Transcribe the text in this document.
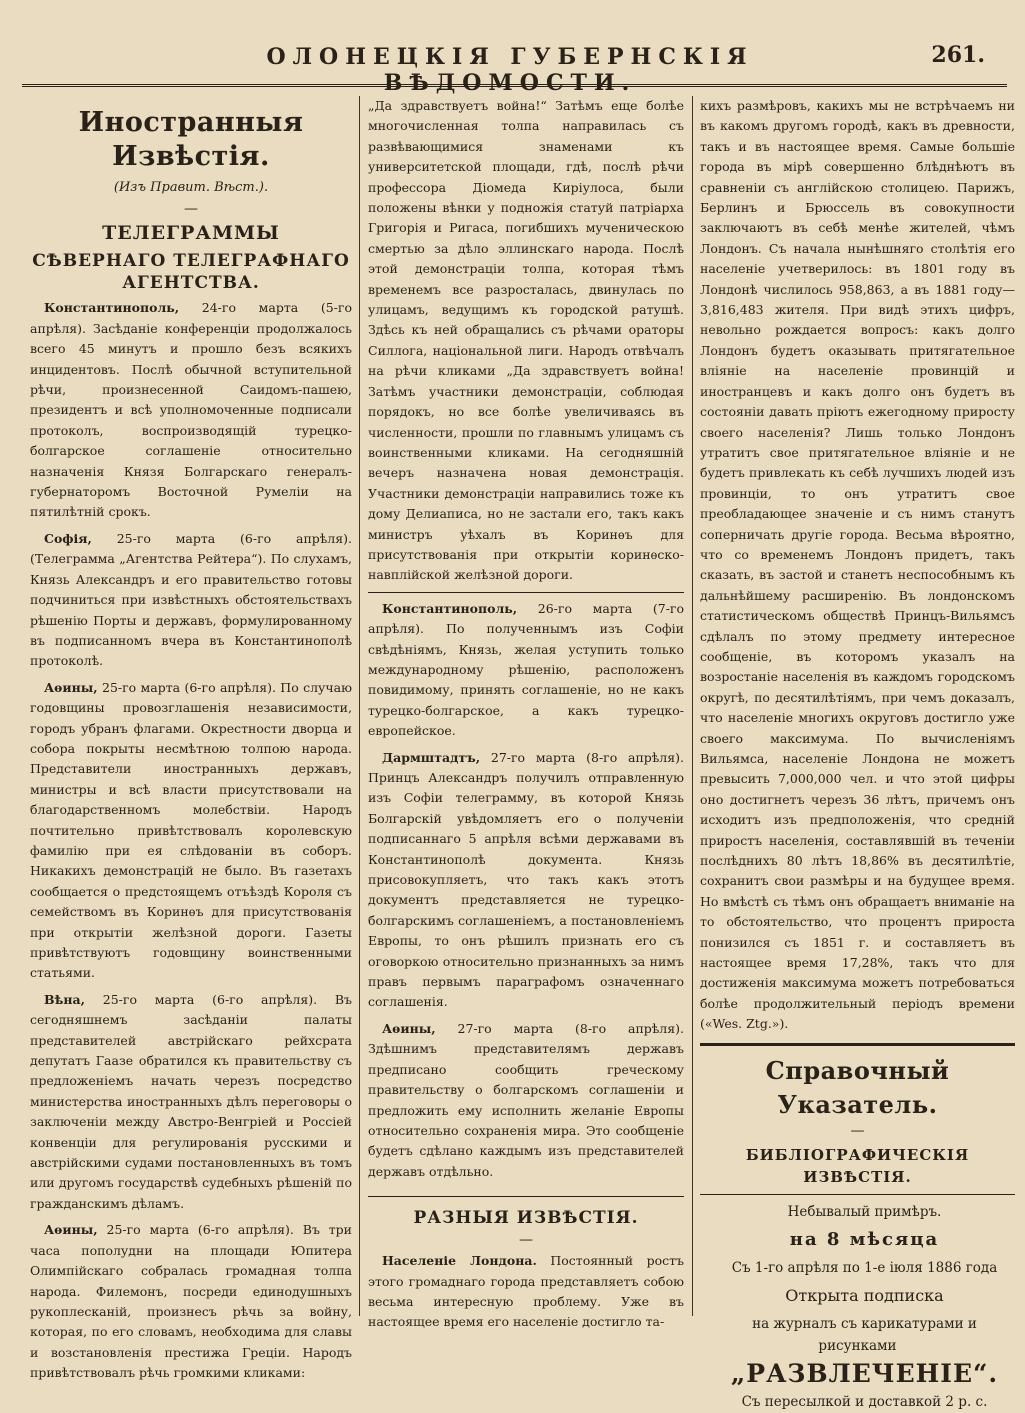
ОЛОНЕЦКІЯ ГУБЕРНСКІЯ ВѢДОМОСТИ.
261.
Иностранныя Извѣстія.
(Изъ Правит. Вѣст.).
—
ТЕЛЕГРАММЫ
СѢВЕРНАГО ТЕЛЕГРАФНАГО АГЕНТСТВА.

Константинополь, 24-го марта (5-го апрѣля). Засѣданіе конференціи продолжалось всего 45 минутъ и прошло безъ всякихъ инцидентовъ. Послѣ обычной вступительной рѣчи, произнесенной Саидомъ-пашею, президентъ и всѣ уполномоченные подписали протоколъ, воспроизводящій турецко-болгарское соглашеніе относительно назначенія Князя Болгарскаго генералъ-губернаторомъ Восточной Румеліи на пятилѣтній срокъ.

Софія, 25-го марта (6-го апрѣля). (Телеграмма „Агентства Рейтера“). По слухамъ, Князь Александръ и его правительство готовы подчиниться при извѣстныхъ обстоятельствахъ рѣшенію Порты и державъ, формулированному въ подписанномъ вчера въ Константинополѣ протоколѣ.

Аѳины, 25-го марта (6-го апрѣля). По случаю годовщины провозглашенія независимости, городъ убранъ флагами. Окрестности дворца и собора покрыты несмѣтною толпою народа. Представители иностранныхъ державъ, министры и всѣ власти присутствовали на благодарственномъ молебствіи. Народъ почтительно привѣтствовалъ королевскую фамилію при ея слѣдованіи въ соборъ. Никакихъ демонстрацій не было. Въ газетахъ сообщается о предстоящемъ отъѣздѣ Короля съ семействомъ въ Коринѳъ для присутствованія при открытіи желѣзной дороги. Газеты привѣтствуютъ годовщину воинственными статьями.

Вѣна, 25-го марта (6-го апрѣля). Въ сегодняшнемъ засѣданіи палаты представителей австрійскаго рейхсрата депутатъ Гаазе обратился къ правительству съ предложеніемъ начать черезъ посредство министерства иностранныхъ дѣлъ переговоры о заключеніи между Австро-Венгріей и Россіей конвенціи для регулированія русскими и австрійскими судами постановленныхъ въ томъ или другомъ государствѣ судебныхъ рѣшеній по гражданскимъ дѣламъ.

Аѳины, 25-го марта (6-го апрѣля). Въ три часа пополудни на площади Юпитера Олимпійскаго собралась громадная толпа народа. Филемонъ, посреди единодушныхъ рукоплесканій, произнесъ рѣчь за войну, которая, по его словамъ, необходима для славы и возстановленія престижа Греціи. Народъ привѣтствовалъ рѣчь громкими кликами:

„Да здравствуетъ война!“ Затѣмъ еще болѣе многочисленная толпа направилась съ развѣвающимися знаменами къ университетской площади, гдѣ, послѣ рѣчи профессора Діомеда Киріулоса, были положены вѣнки у подножія статуй патріарха Григорія и Ригаса, погибшихъ мученическою смертью за дѣло эллинскаго народа. Послѣ этой демонстраціи толпа, которая тѣмъ временемъ все разросталась, двинулась по улицамъ, ведущимъ къ городской ратушѣ. Здѣсь къ ней обращались съ рѣчами ораторы Силлога, національной лиги. Народъ отвѣчалъ на рѣчи кликами „Да здравствуетъ война! Затѣмъ участники демонстраціи, соблюдая порядокъ, но все болѣе увеличиваясь въ численности, прошли по главнымъ улицамъ съ воинственными кликами. На сегодняшній вечеръ назначена новая демонстрація. Участники демонстраціи направились тоже къ дому Делиаписа, но не застали его, такъ какъ министръ уѣхалъ въ Коринѳъ для присутствованія при открытіи коринѳско-навплійской желѣзной дороги.

Константинополь, 26-го марта (7-го апрѣля). По полученнымъ изъ Софіи свѣдѣніямъ, Князь, желая уступить только международному рѣшенію, расположенъ повидимому, принять соглашеніе, но не какъ турецко-болгарское, а какъ турецко-европейское.

Дармштадтъ, 27-го марта (8-го апрѣля). Принцъ Александръ получилъ отправленную изъ Софіи телеграмму, въ которой Князь Болгарскій увѣдомляетъ его о полученіи подписаннаго 5 апрѣля всѣми державами въ Константинополѣ документа. Князь присовокупляетъ, что такъ какъ этотъ документъ представляется не турецко-болгарскимъ соглашеніемъ, а постановленіемъ Европы, то онъ рѣшилъ признать его съ оговоркою относительно признанныхъ за нимъ правъ первымъ параграфомъ означеннаго соглашенія.

Аѳины, 27-го марта (8-го апрѣля). Здѣшнимъ представителямъ державъ предписано сообщить греческому правительству о болгарскомъ соглашеніи и предложить ему исполнить желаніе Европы относительно сохраненія мира. Это сообщеніе будетъ сдѣлано каждымъ изъ представителей державъ отдѣльно.

РАЗНЫЯ ИЗВѢСТІЯ.
—

Населеніе Лондона. Постоянный ростъ этого громаднаго города представляетъ собою весьма интересную проблему. Уже въ настоящее время его населеніе достигло та-

кихъ размѣровъ, какихъ мы не встрѣчаемъ ни въ какомъ другомъ городѣ, какъ въ древности, такъ и въ настоящее время. Самые большіе города въ мірѣ совершенно блѣднѣютъ въ сравненіи съ англійскою столицею. Парижъ, Берлинъ и Брюссель въ совокупности заключаютъ въ себѣ менѣе жителей, чѣмъ Лондонъ. Съ начала нынѣшняго столѣтія его населеніе учетверилось: въ 1801 году въ Лондонѣ числилось 958,863, а въ 1881 году—3,816,483 жителя. При видѣ этихъ цифръ, невольно рождается вопросъ: какъ долго Лондонъ будетъ оказывать притягательное вліяніе на населеніе провинцій и иностранцевъ и какъ долго онъ будетъ въ состояніи давать пріютъ ежегодному приросту своего населенія? Лишь только Лондонъ утратитъ свое притягательное вліяніе и не будетъ привлекать къ себѣ лучшихъ людей изъ провинціи, то онъ утратитъ свое преобладающее значеніе и съ нимъ станутъ соперничать другіе города. Весьма вѣроятно, что со временемъ Лондонъ придетъ, такъ сказать, въ застой и станетъ неспособнымъ къ дальнѣйшему расширенію. Въ лондонскомъ статистическомъ обществѣ Принцъ-Вильямсъ сдѣлалъ по этому предмету интересное сообщеніе, въ которомъ указалъ на возростаніе населенія въ каждомъ городскомъ округѣ, по десятилѣтіямъ, при чемъ доказалъ, что населеніе многихъ округовъ достигло уже своего максимума. По вычисленіямъ Вильямса, населеніе Лондона не можетъ превысить 7,000,000 чел. и что этой цифры оно достигнетъ черезъ 36 лѣтъ, причемъ онъ исходитъ изъ предположенія, что средній приростъ населенія, составлявшій въ теченіи послѣднихъ 80 лѣтъ 18,86% въ десятилѣтіе, сохранитъ свои размѣры и на будущее время. Но вмѣстѣ съ тѣмъ онъ обращаетъ вниманіе на то обстоятельство, что процентъ прироста понизился съ 1851 г. и составляетъ въ настоящее время 17,28%, такъ что для достиженія максимума можетъ потребоваться болѣе продолжительный періодъ времени («Wes. Ztg.»).

Справочный Указатель.
—
БИБЛІОГРАФИЧЕСКІЯ ИЗВѢСТІЯ.

Небывалый примѣръ.

на 8 мѣсяца

Съ 1-го апрѣля по 1-е іюля 1886 года

Открыта подписка

на журналъ съ карикатурами и рисунками

„РАЗВЛЕЧЕНІЕ“.

Съ пересылкой и доставкой 2 р. с.
